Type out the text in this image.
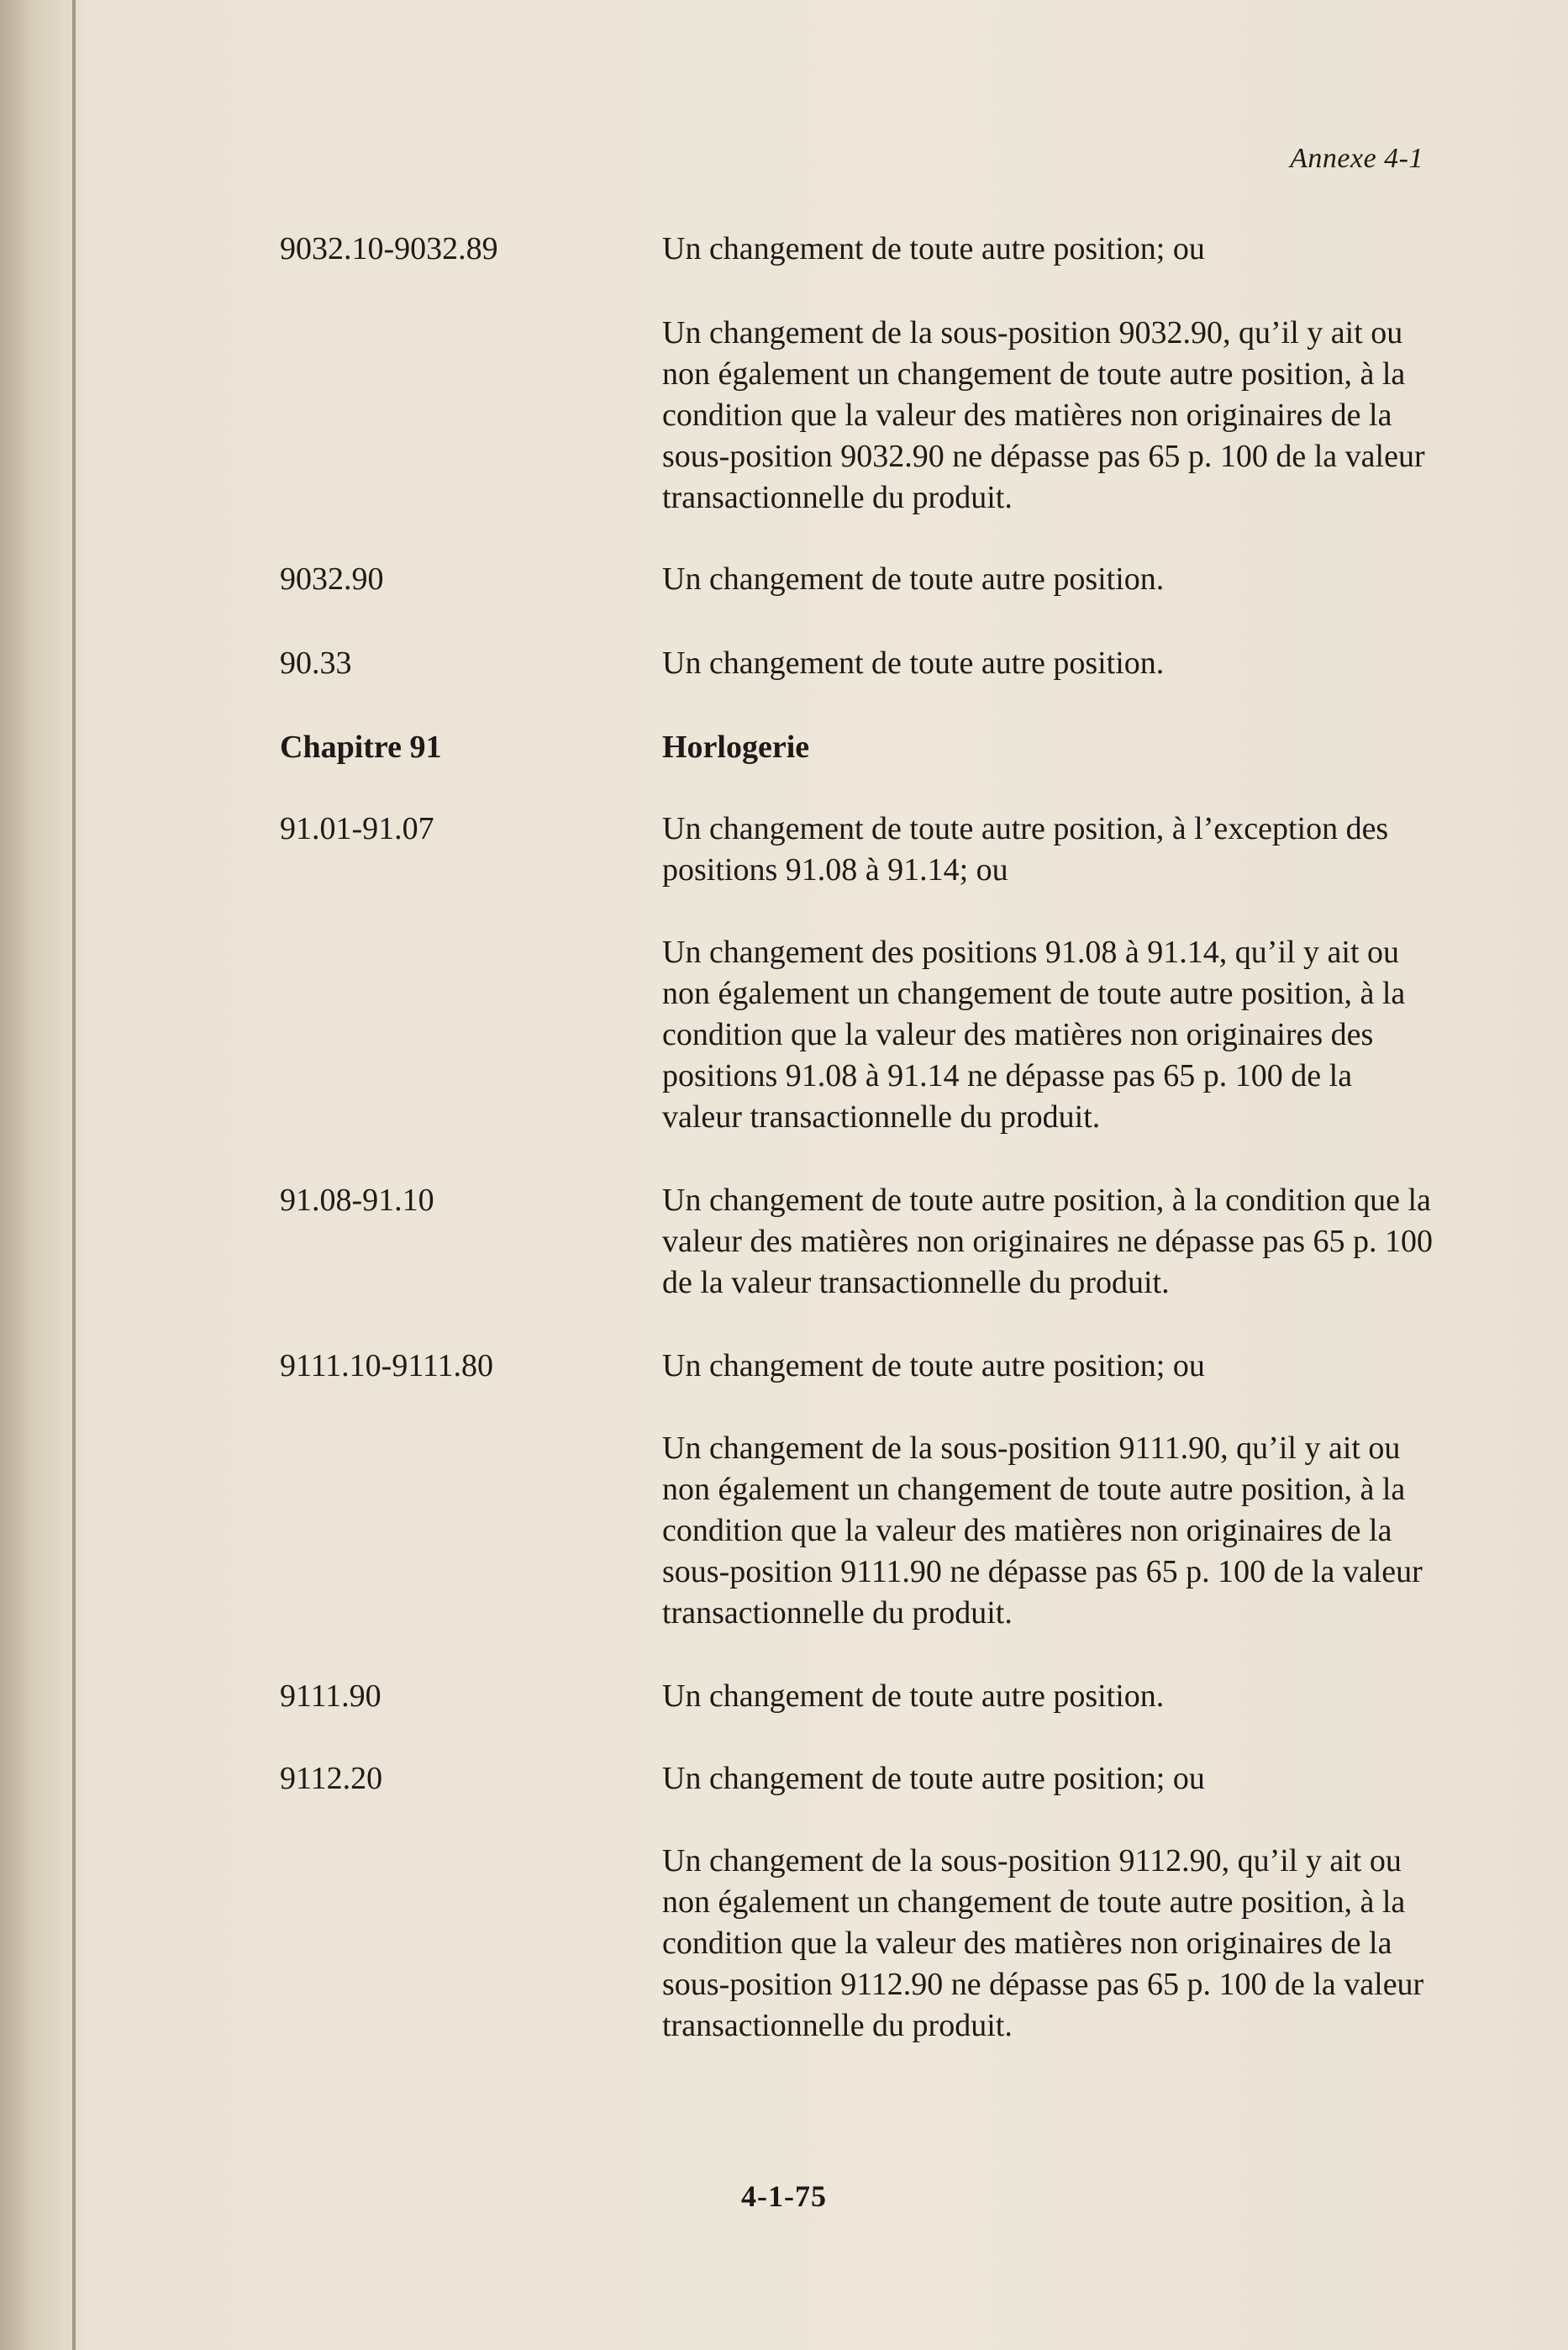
Annexe 4-1
9032.10-9032.89	Un changement de toute autre position; ou

Un changement de la sous-position 9032.90, qu’il y ait ou non également un changement de toute autre position, à la condition que la valeur des matières non originaires de la sous-position 9032.90 ne dépasse pas 65 p. 100 de la valeur transactionnelle du produit.

9032.90	Un changement de toute autre position.

90.33	Un changement de toute autre position.

Chapitre 91	Horlogerie

91.01-91.07	Un changement de toute autre position, à l’exception des positions 91.08 à 91.14; ou

Un changement des positions 91.08 à 91.14, qu’il y ait ou non également un changement de toute autre position, à la condition que la valeur des matières non originaires des positions 91.08 à 91.14 ne dépasse pas 65 p. 100 de la valeur transactionnelle du produit.

91.08-91.10	Un changement de toute autre position, à la condition que la valeur des matières non originaires ne dépasse pas 65 p. 100 de la valeur transactionnelle du produit.

9111.10-9111.80	Un changement de toute autre position; ou

Un changement de la sous-position 9111.90, qu’il y ait ou non également un changement de toute autre position, à la condition que la valeur des matières non originaires de la sous-position 9111.90 ne dépasse pas 65 p. 100 de la valeur transactionnelle du produit.

9111.90	Un changement de toute autre position.

9112.20	Un changement de toute autre position; ou

Un changement de la sous-position 9112.90, qu’il y ait ou non également un changement de toute autre position, à la condition que la valeur des matières non originaires de la sous-position 9112.90 ne dépasse pas 65 p. 100 de la valeur transactionnelle du produit.

4-1-75
